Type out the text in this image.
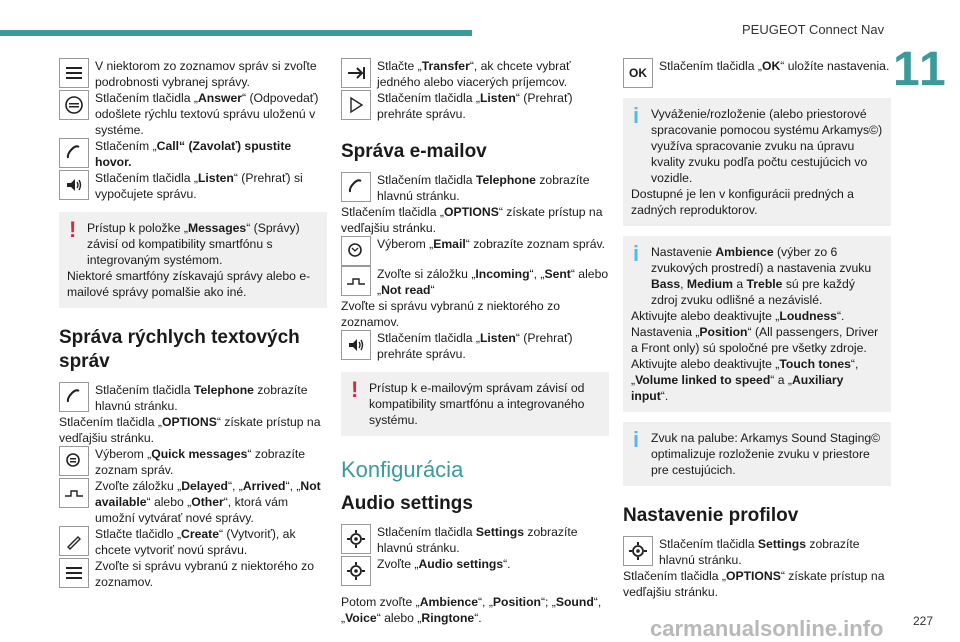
PEUGEOT Connect Nav
11
carmanualsonline.info 227
V niektorom zo zoznamov správ si zvoľte podrobnosti vybranej správy.
Stlačením tlačidla „Answer“ (Odpovedať) odošlete rýchlu textovú správu uloženú v systéme.
Stlačením „Call“ (Zavolať) spustite hovor.
Stlačením tlačidla „Listen“ (Prehrať) si vypočujete správu.
! Prístup k položke „Messages“ (Správy) závisí od kompatibility smartfónu s integrovaným systémom.

Niektoré smartfóny získavajú správy alebo e-mailové správy pomalšie ako iné.

Správa rýchlych textových správ
Stlačením tlačidla Telephone zobrazíte hlavnú stránku.

Stlačením tlačidla „OPTIONS“ získate prístup na vedľajšiu stránku.

Výberom „Quick messages“ zobrazíte zoznam správ.
Zvoľte záložku „Delayed“, „Arrived“, „Not available“ alebo „Other“, ktorá vám umožní vytvárať nové správy.
Stlačte tlačidlo „Create“ (Vytvoriť), ak chcete vytvoriť novú správu.
Zvoľte si správu vybranú z niektorého zo zoznamov.
Stlačte „Transfer“, ak chcete vybrať jedného alebo viacerých príjemcov.
Stlačením tlačidla „Listen“ (Prehrať) prehráte správu.
Správa e-mailov
Stlačením tlačidla Telephone zobrazíte hlavnú stránku.

Stlačením tlačidla „OPTIONS“ získate prístup na vedľajšiu stránku.

Výberom „Email“ zobrazíte zoznam správ.
Zvoľte si záložku „Incoming“, „Sent“ alebo „Not read“

Zvoľte si správu vybranú z niektorého zo zoznamov.

Stlačením tlačidla „Listen“ (Prehrať) prehráte správu.
! Prístup k e-mailovým správam závisí od kompatibility smartfónu a integrovaného systému.

Konfigurácia
Audio settings
Stlačením tlačidla Settings zobrazíte hlavnú stránku.
Zvoľte „Audio settings“.

Potom zvoľte „Ambience“, „Position“; „Sound“, „Voice“ alebo „Ringtone“.

OK Stlačením tlačidla „OK“ uložíte nastavenia.
i Vyváženie/rozloženie (alebo priestorové spracovanie pomocou systému Arkamys©) využíva spracovanie zvuku na úpravu kvality zvuku podľa počtu cestujúcich vo vozidle.

Dostupné je len v konfigurácii predných a zadných reproduktorov.

i Nastavenie Ambience (výber zo 6 zvukových prostredí) a nastavenia zvuku Bass, Medium a Treble sú pre každý zdroj zvuku odlišné a nezávislé.

Aktivujte alebo deaktivujte „Loudness“.

Nastavenia „Position“ (All passengers, Driver a Front only) sú spoločné pre všetky zdroje.

Aktivujte alebo deaktivujte „Touch tones“, „Volume linked to speed“ a „Auxiliary input“.

i Zvuk na palube: Arkamys Sound Staging© optimalizuje rozloženie zvuku v priestore pre cestujúcich.

Nastavenie profilov
Stlačením tlačidla Settings zobrazíte hlavnú stránku.

Stlačením tlačidla „OPTIONS“ získate prístup na vedľajšiu stránku.
